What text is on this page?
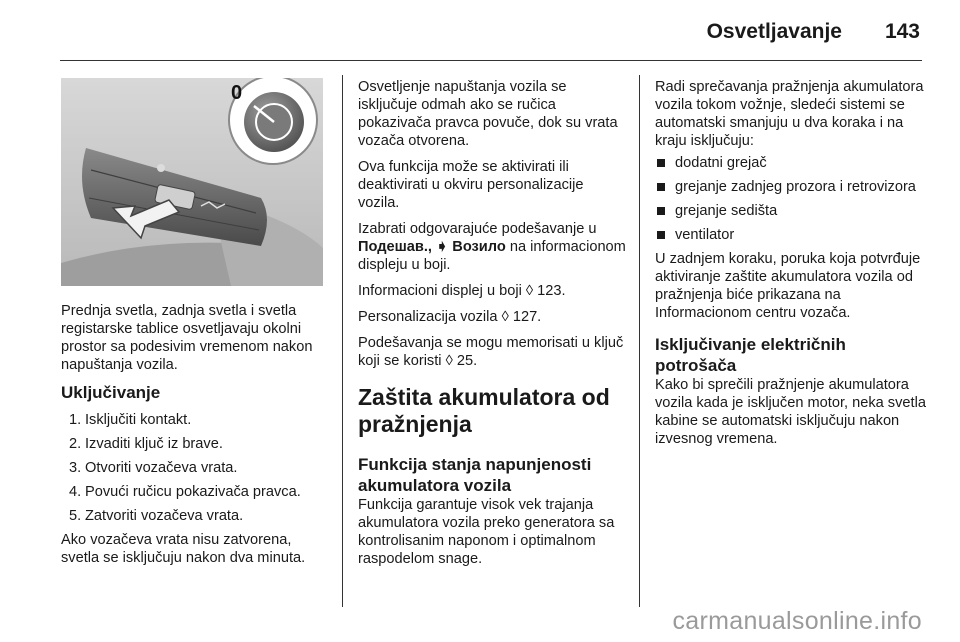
Osvetljavanje 143
0

Prednja svetla, zadnja svetla i svetla registarske tablice osvetljavaju okolni prostor sa podesivim vremenom nakon napuštanja vozila.

Uključivanje
1. Isključiti kontakt.
2. Izvaditi ključ iz brave.
3. Otvoriti vozačeva vrata.
4. Povući ručicu pokazivača pravca.
5. Zatvoriti vozačeva vrata.

Ako vozačeva vrata nisu zatvorena, svetla se isključuju nakon dva minuta.

Osvetljenje napuštanja vozila se isključuje odmah ako se ručica pokazivača pravca povuče, dok su vrata vozača otvorena.

Ova funkcija može se aktivirati ili deaktivirati u okviru personalizacije vozila.

Izabrati odgovarajuće podešavanje u Подешав., ➧ Возило na informacionom displeju u boji.

Informacioni displej u boji ◊ 123.

Personalizacija vozila ◊ 127.

Podešavanja se mogu memorisati u ključ koji se koristi ◊ 25.

Zaštita akumulatora od pražnjenja
Funkcija stanja napunjenosti akumulatora vozila

Funkcija garantuje visok vek trajanja akumulatora vozila preko generatora sa kontrolisanim naponom i optimalnom raspodelom snage.

Radi sprečavanja pražnjenja akumulatora vozila tokom vožnje, sledeći sistemi se automatski smanjuju u dva koraka i na kraju isključuju:

dodatni grejač
grejanje zadnjeg prozora i retrovizora
grejanje sedišta
ventilator

U zadnjem koraku, poruka koja potvrđuje aktiviranje zaštite akumulatora vozila od pražnjenja biće prikazana na Informacionom centru vozača.

Isključivanje električnih potrošača

Kako bi sprečili pražnjenje akumulatora vozila kada je isključen motor, neka svetla kabine se automatski isključuju nakon izvesnog vremena.

carmanualsonline.info
